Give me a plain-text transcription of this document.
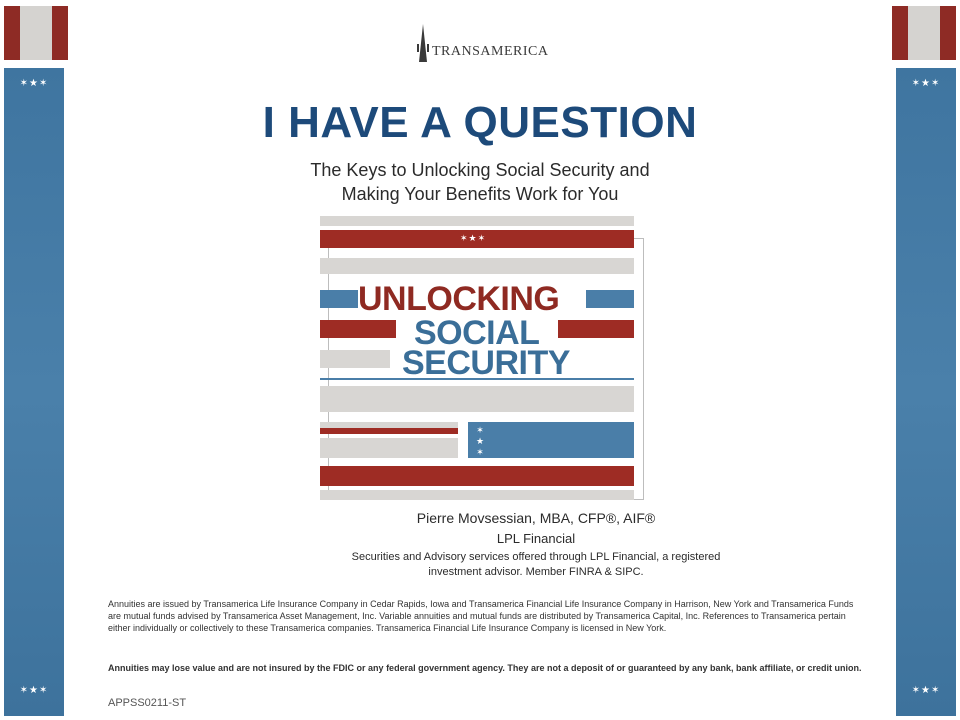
✶★✶
✶★✶
✶★✶
✶★✶
TRANSAMERICA
I HAVE A QUESTION
The Keys to Unlocking Social Security and
Making Your Benefits Work for You
✶★✶
✶★✶
UNLOCKING
SOCIAL
SECURITY
Pierre Movsessian, MBA, CFP®, AIF®
LPL Financial
Securities and Advisory services offered through LPL Financial, a registered
investment advisor. Member FINRA & SIPC.
Annuities are issued by Transamerica Life Insurance Company in Cedar Rapids, Iowa and Transamerica Financial Life Insurance Company in Harrison, New York and Transamerica Funds are mutual funds advised by Transamerica Asset Management, Inc. Variable annuities and mutual funds are distributed by Transamerica Capital, Inc. References to Transamerica pertain either individually or collectively to these Transamerica companies. Transamerica Financial Life Insurance Company is licensed in New York.
Annuities may lose value and are not insured by the FDIC or any federal government agency. They are not a deposit of or guaranteed by any bank, bank affiliate, or credit union.
APPSS0211-ST
